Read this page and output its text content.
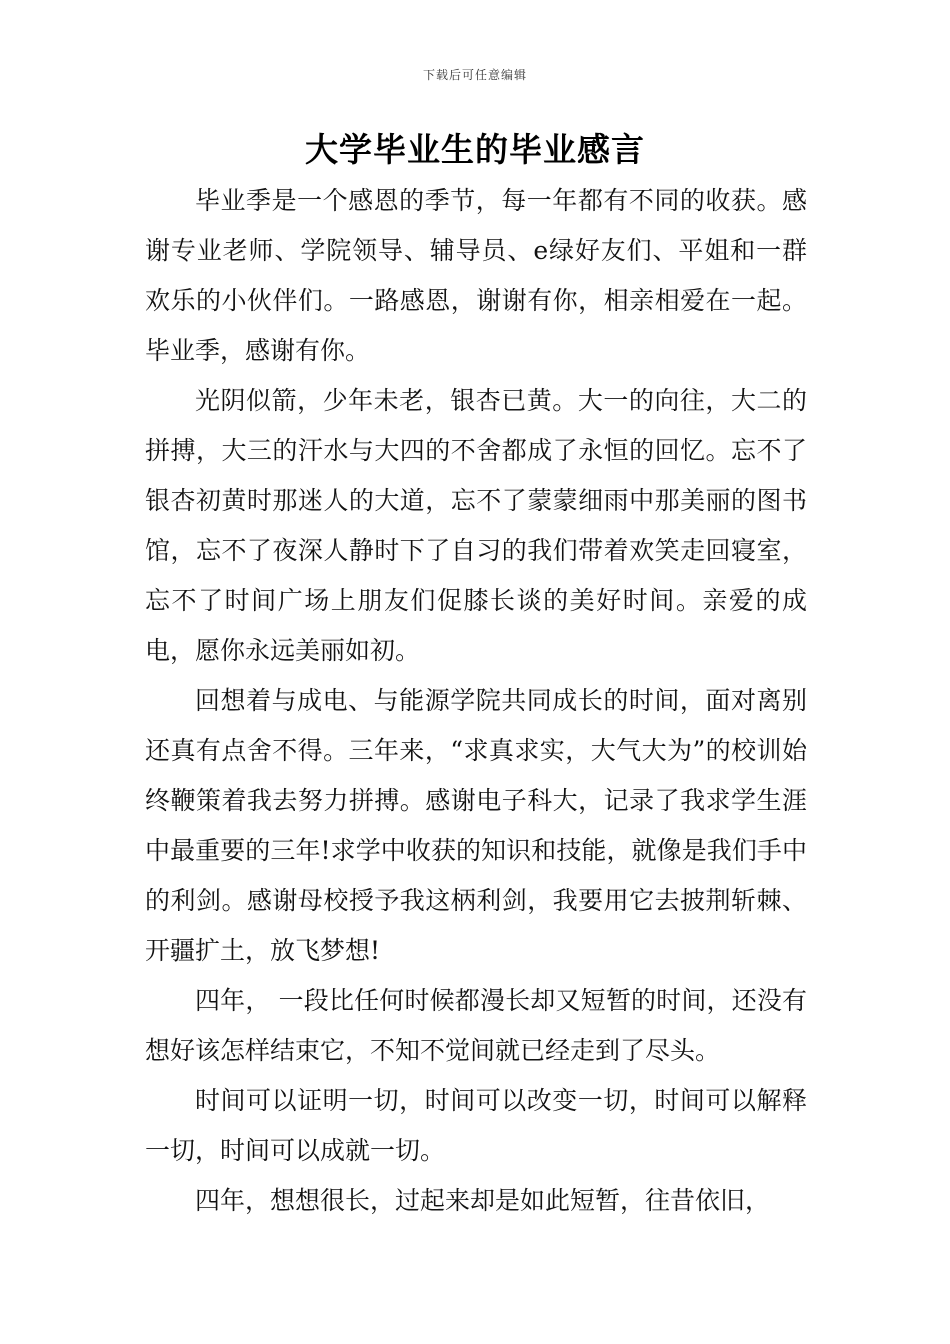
下载后可任意编辑
大学毕业生的毕业感言

毕业季是一个感恩的季节，每一年都有不同的收获。感谢专业老师、学院领导、辅导员、e绿好友们、平姐和一群欢乐的小伙伴们。一路感恩，谢谢有你，相亲相爱在一起。毕业季，感谢有你。

光阴似箭，少年未老，银杏已黄。大一的向往，大二的拼搏，大三的汗水与大四的不舍都成了永恒的回忆。忘不了银杏初黄时那迷人的大道，忘不了蒙蒙细雨中那美丽的图书馆，忘不了夜深人静时下了自习的我们带着欢笑走回寝室，忘不了时间广场上朋友们促膝长谈的美好时间。亲爱的成电，愿你永远美丽如初。

回想着与成电、与能源学院共同成长的时间，面对离别还真有点舍不得。三年来，“求真求实，大气大为”的校训始终鞭策着我去努力拼搏。感谢电子科大，记录了我求学生涯中最重要的三年!求学中收获的知识和技能，就像是我们手中的利剑。感谢母校授予我这柄利剑，我要用它去披荆斩棘、开疆扩土，放飞梦想!

四年， 一段比任何时候都漫长却又短暂的时间，还没有想好该怎样结束它，不知不觉间就已经走到了尽头。

时间可以证明一切，时间可以改变一切，时间可以解释一切，时间可以成就一切。

四年，想想很长，过起来却是如此短暂，往昔依旧，
